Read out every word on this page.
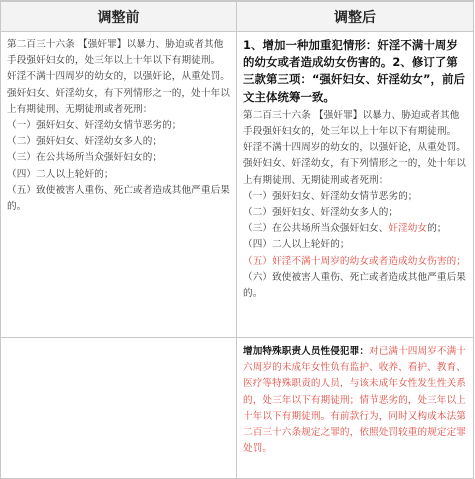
调整前	调整后

第二百三十六条 【强奸罪】以暴力、胁迫或者其他手段强奸妇女的，处三年以上十年以下有期徒刑。

奸淫不满十四周岁的幼女的，以强奸论，从重处罚。

强奸妇女、奸淫幼女，有下列情形之一的，处十年以上有期徒刑、无期徒刑或者死刑：

（一）强奸妇女、奸淫幼女情节恶劣的；

（二）强奸妇女、奸淫幼女多人的；

（三）在公共场所当众强奸妇女的；

（四）二人以上轮奸的；

（五）致使被害人重伤、死亡或者造成其他严重后果的。

1、增加一种加重犯情形：奸淫不满十周岁的幼女或者造成幼女伤害的。2、修订了第三款第三项：“强奸妇女、奸淫幼女”，前后文主体统筹一致。

第二百三十六条 【强奸罪】以暴力、胁迫或者其他手段强奸妇女的，处三年以上十年以下有期徒刑。

奸淫不满十四周岁的幼女的，以强奸论，从重处罚。

强奸妇女、奸淫幼女，有下列情形之一的，处十年以上有期徒刑、无期徒刑或者死刑：

（一）强奸妇女、奸淫幼女情节恶劣的；

（二）强奸妇女、奸淫幼女多人的；

（三）在公共场所当众强奸妇女、奸淫幼女的；

（四）二人以上轮奸的；

（五）奸淫不满十周岁的幼女或者造成幼女伤害的；

（六）致使被害人重伤、死亡或者造成其他严重后果的。

增加特殊职责人员性侵犯罪：对已满十四周岁不满十六周岁的未成年女性负有监护、收养、看护、教育、医疗等特殊职责的人员，与该未成年女性发生性关系的，处三年以下有期徒刑；情节恶劣的，处三年以上十年以下有期徒刑。有前款行为，同时又构成本法第二百三十六条规定之罪的，依照处罚较重的规定定罪处罚。
